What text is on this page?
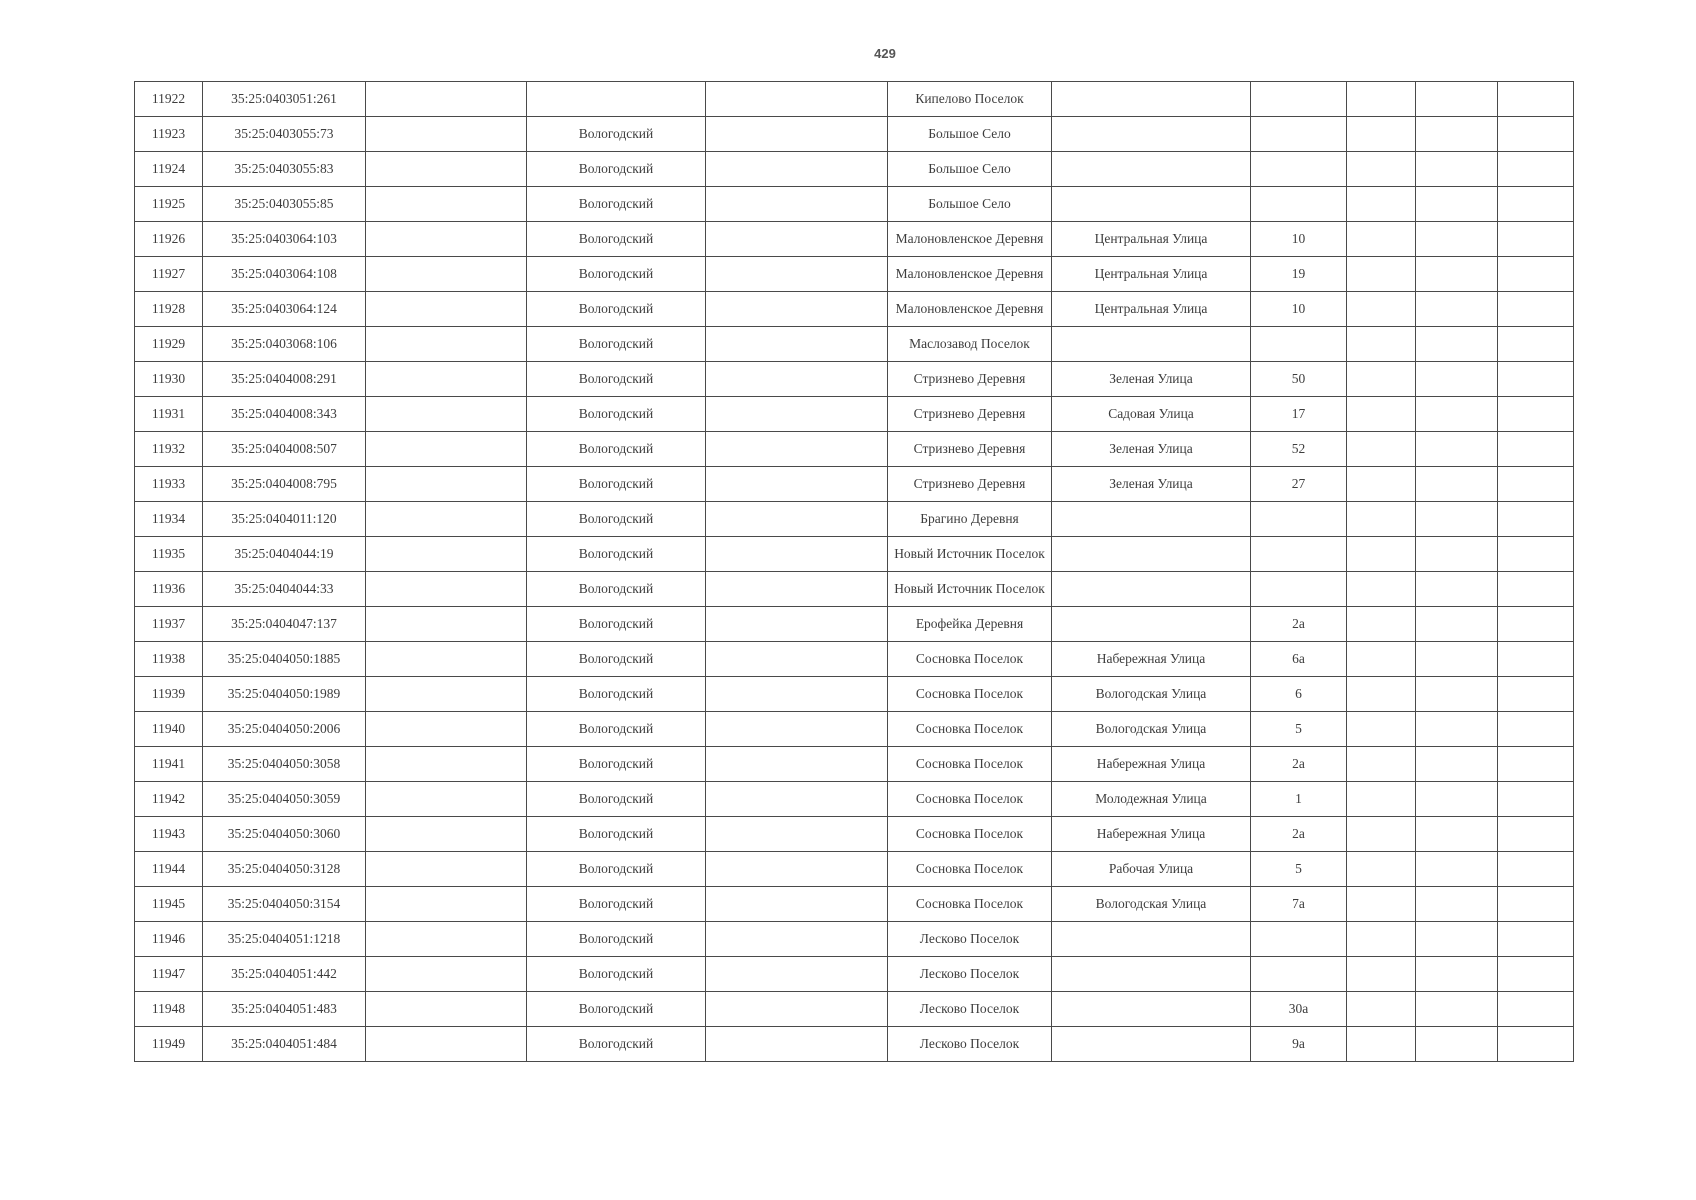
429
11922	35:25:0403051:261				Кипелово Поселок					
11923	35:25:0403055:73		Вологодский		Большое Село					
11924	35:25:0403055:83		Вологодский		Большое Село					
11925	35:25:0403055:85		Вологодский		Большое Село					
11926	35:25:0403064:103		Вологодский		Малоновленское Деревня	Центральная Улица	10			
11927	35:25:0403064:108		Вологодский		Малоновленское Деревня	Центральная Улица	19			
11928	35:25:0403064:124		Вологодский		Малоновленское Деревня	Центральная Улица	10			
11929	35:25:0403068:106		Вологодский		Маслозавод Поселок					
11930	35:25:0404008:291		Вологодский		Стризнево Деревня	Зеленая Улица	50			
11931	35:25:0404008:343		Вологодский		Стризнево Деревня	Садовая Улица	17			
11932	35:25:0404008:507		Вологодский		Стризнево Деревня	Зеленая Улица	52			
11933	35:25:0404008:795		Вологодский		Стризнево Деревня	Зеленая Улица	27			
11934	35:25:0404011:120		Вологодский		Брагино Деревня					
11935	35:25:0404044:19		Вологодский		Новый Источник Поселок					
11936	35:25:0404044:33		Вологодский		Новый Источник Поселок					
11937	35:25:0404047:137		Вологодский		Ерофейка Деревня		2а			
11938	35:25:0404050:1885		Вологодский		Сосновка Поселок	Набережная Улица	6а			
11939	35:25:0404050:1989		Вологодский		Сосновка Поселок	Вологодская Улица	6			
11940	35:25:0404050:2006		Вологодский		Сосновка Поселок	Вологодская Улица	5			
11941	35:25:0404050:3058		Вологодский		Сосновка Поселок	Набережная Улица	2а			
11942	35:25:0404050:3059		Вологодский		Сосновка Поселок	Молодежная Улица	1			
11943	35:25:0404050:3060		Вологодский		Сосновка Поселок	Набережная Улица	2а			
11944	35:25:0404050:3128		Вологодский		Сосновка Поселок	Рабочая Улица	5			
11945	35:25:0404050:3154		Вологодский		Сосновка Поселок	Вологодская Улица	7а			
11946	35:25:0404051:1218		Вологодский		Лесково Поселок					
11947	35:25:0404051:442		Вологодский		Лесково Поселок					
11948	35:25:0404051:483		Вологодский		Лесково Поселок		30а			
11949	35:25:0404051:484		Вологодский		Лесково Поселок		9а			
